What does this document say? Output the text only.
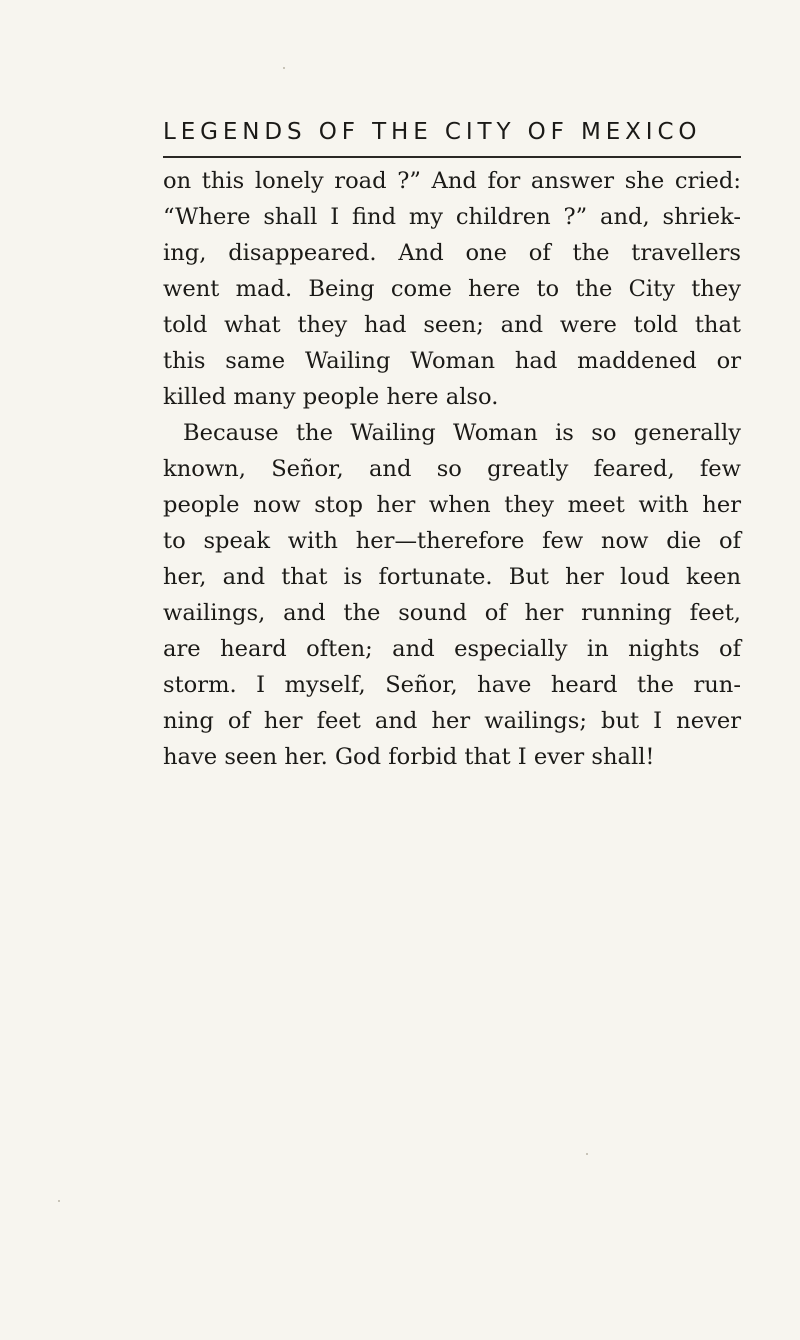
LEGENDS OF THE CITY OF MEXICO
on this lonely road ?” And for answer she cried:
“Where shall I find my children ?” and, shriek-
ing, disappeared. And one of the travellers
went mad. Being come here to the City they
told what they had seen; and were told that
this same Wailing Woman had maddened or
killed many people here also.
Because the Wailing Woman is so generally
known, Señor, and so greatly feared, few
people now stop her when they meet with her
to speak with her—therefore few now die of
her, and that is fortunate. But her loud keen
wailings, and the sound of her running feet,
are heard often; and especially in nights of
storm. I myself, Señor, have heard the run-
ning of her feet and her wailings; but I never
have seen her. God forbid that I ever shall!
